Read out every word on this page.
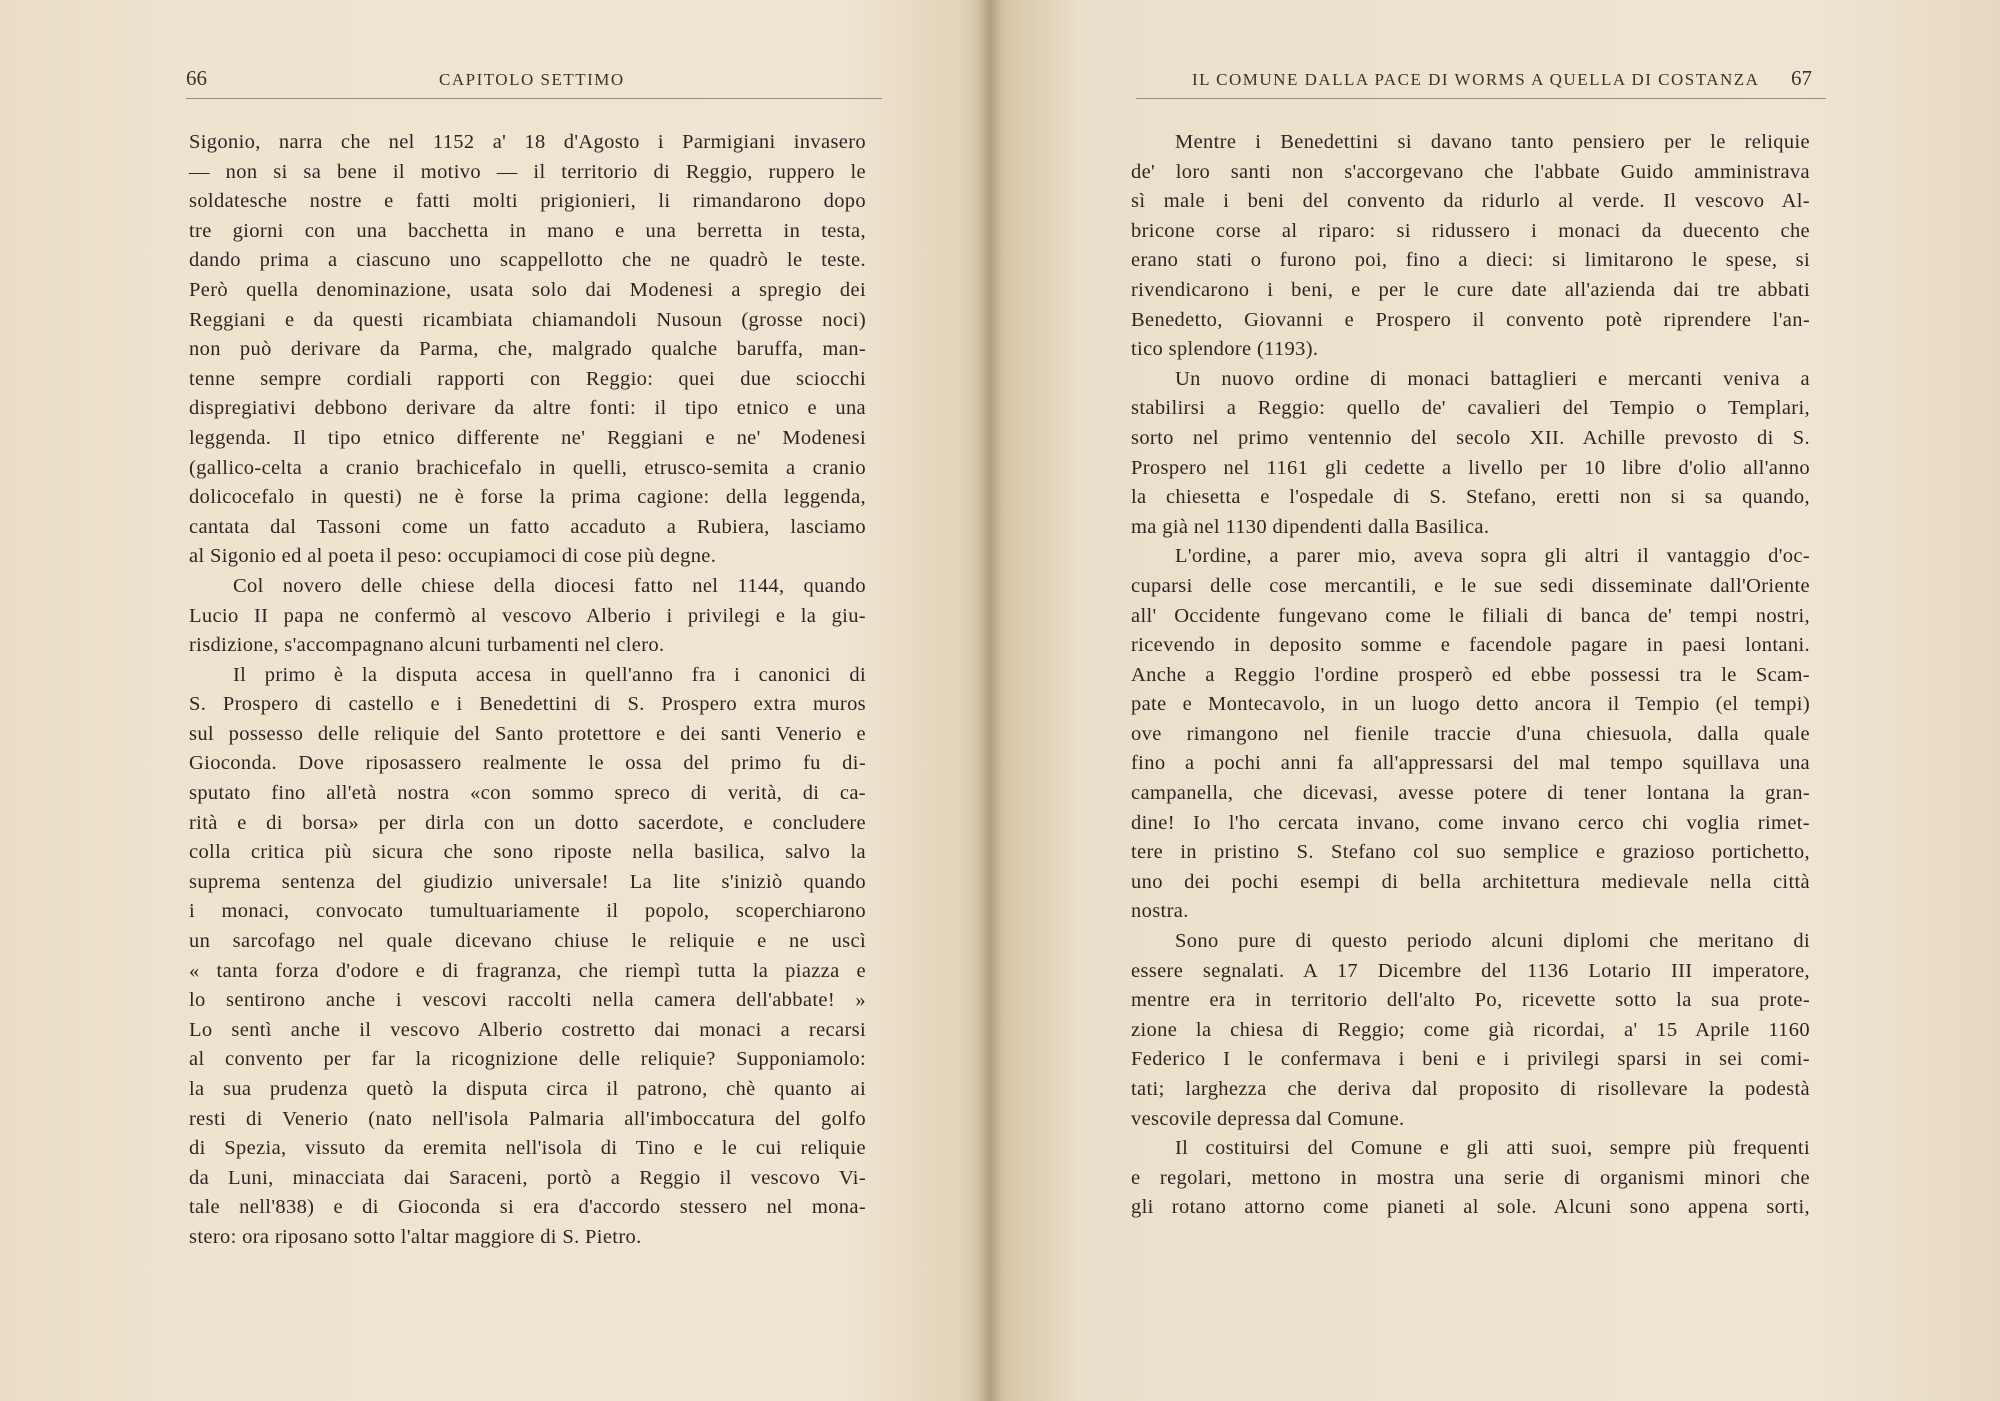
66	CAPITOLO SETTIMO
Sigonio, narra che nel 1152 a' 18 d'Agosto i Parmigiani invasero
— non si sa bene il motivo — il territorio di Reggio, ruppero le
soldatesche nostre e fatti molti prigionieri, li rimandarono dopo
tre giorni con una bacchetta in mano e una berretta in testa,
dando prima a ciascuno uno scappellotto che ne quadrò le teste.
Però quella denominazione, usata solo dai Modenesi a spregio dei
Reggiani e da questi ricambiata chiamandoli Nusoun (grosse noci)
non può derivare da Parma, che, malgrado qualche baruffa, man-
tenne sempre cordiali rapporti con Reggio: quei due sciocchi
dispregiativi debbono derivare da altre fonti: il tipo etnico e una
leggenda. Il tipo etnico differente ne' Reggiani e ne' Modenesi
(gallico-celta a cranio brachicefalo in quelli, etrusco-semita a cranio
dolicocefalo in questi) ne è forse la prima cagione: della leggenda,
cantata dal Tassoni come un fatto accaduto a Rubiera, lasciamo
al Sigonio ed al poeta il peso: occupiamoci di cose più degne.
Col novero delle chiese della diocesi fatto nel 1144, quando
Lucio II papa ne confermò al vescovo Alberio i privilegi e la giu-
risdizione, s'accompagnano alcuni turbamenti nel clero.
Il primo è la disputa accesa in quell'anno fra i canonici di
S. Prospero di castello e i Benedettini di S. Prospero extra muros
sul possesso delle reliquie del Santo protettore e dei santi Venerio e
Gioconda. Dove riposassero realmente le ossa del primo fu di-
sputato fino all'età nostra «con sommo spreco di verità, di ca-
rità e di borsa» per dirla con un dotto sacerdote, e concludere
colla critica più sicura che sono riposte nella basilica, salvo la
suprema sentenza del giudizio universale! La lite s'iniziò quando
i monaci, convocato tumultuariamente il popolo, scoperchiarono
un sarcofago nel quale dicevano chiuse le reliquie e ne uscì
« tanta forza d'odore e di fragranza, che riempì tutta la piazza e
lo sentirono anche i vescovi raccolti nella camera dell'abbate! »
Lo sentì anche il vescovo Alberio costretto dai monaci a recarsi
al convento per far la ricognizione delle reliquie? Supponiamolo:
la sua prudenza quetò la disputa circa il patrono, chè quanto ai
resti di Venerio (nato nell'isola Palmaria all'imboccatura del golfo
di Spezia, vissuto da eremita nell'isola di Tino e le cui reliquie
da Luni, minacciata dai Saraceni, portò a Reggio il vescovo Vi-
tale nell'838) e di Gioconda si era d'accordo stessero nel mona-
stero: ora riposano sotto l'altar maggiore di S. Pietro.
IL COMUNE DALLA PACE DI WORMS A QUELLA DI COSTANZA 67
Mentre i Benedettini si davano tanto pensiero per le reliquie
de' loro santi non s'accorgevano che l'abbate Guido amministrava
sì male i beni del convento da ridurlo al verde. Il vescovo Al-
bricone corse al riparo: si ridussero i monaci da duecento che
erano stati o furono poi, fino a dieci: si limitarono le spese, si
rivendicarono i beni, e per le cure date all'azienda dai tre abbati
Benedetto, Giovanni e Prospero il convento potè riprendere l'an-
tico splendore (1193).
Un nuovo ordine di monaci battaglieri e mercanti veniva a
stabilirsi a Reggio: quello de' cavalieri del Tempio o Templari,
sorto nel primo ventennio del secolo XII. Achille prevosto di S.
Prospero nel 1161 gli cedette a livello per 10 libre d'olio all'anno
la chiesetta e l'ospedale di S. Stefano, eretti non si sa quando,
ma già nel 1130 dipendenti dalla Basilica.
L'ordine, a parer mio, aveva sopra gli altri il vantaggio d'oc-
cuparsi delle cose mercantili, e le sue sedi disseminate dall'Oriente
all' Occidente fungevano come le filiali di banca de' tempi nostri,
ricevendo in deposito somme e facendole pagare in paesi lontani.
Anche a Reggio l'ordine prosperò ed ebbe possessi tra le Scam-
pate e Montecavolo, in un luogo detto ancora il Tempio (el tempi)
ove rimangono nel fienile traccie d'una chiesuola, dalla quale
fino a pochi anni fa all'appressarsi del mal tempo squillava una
campanella, che dicevasi, avesse potere di tener lontana la gran-
dine! Io l'ho cercata invano, come invano cerco chi voglia rimet-
tere in pristino S. Stefano col suo semplice e grazioso portichetto,
uno dei pochi esempi di bella architettura medievale nella città
nostra.
Sono pure di questo periodo alcuni diplomi che meritano di
essere segnalati. A 17 Dicembre del 1136 Lotario III imperatore,
mentre era in territorio dell'alto Po, ricevette sotto la sua prote-
zione la chiesa di Reggio; come già ricordai, a' 15 Aprile 1160
Federico I le confermava i beni e i privilegi sparsi in sei comi-
tati; larghezza che deriva dal proposito di risollevare la podestà
vescovile depressa dal Comune.
Il costituirsi del Comune e gli atti suoi, sempre più frequenti
e regolari, mettono in mostra una serie di organismi minori che
gli rotano attorno come pianeti al sole. Alcuni sono appena sorti,
